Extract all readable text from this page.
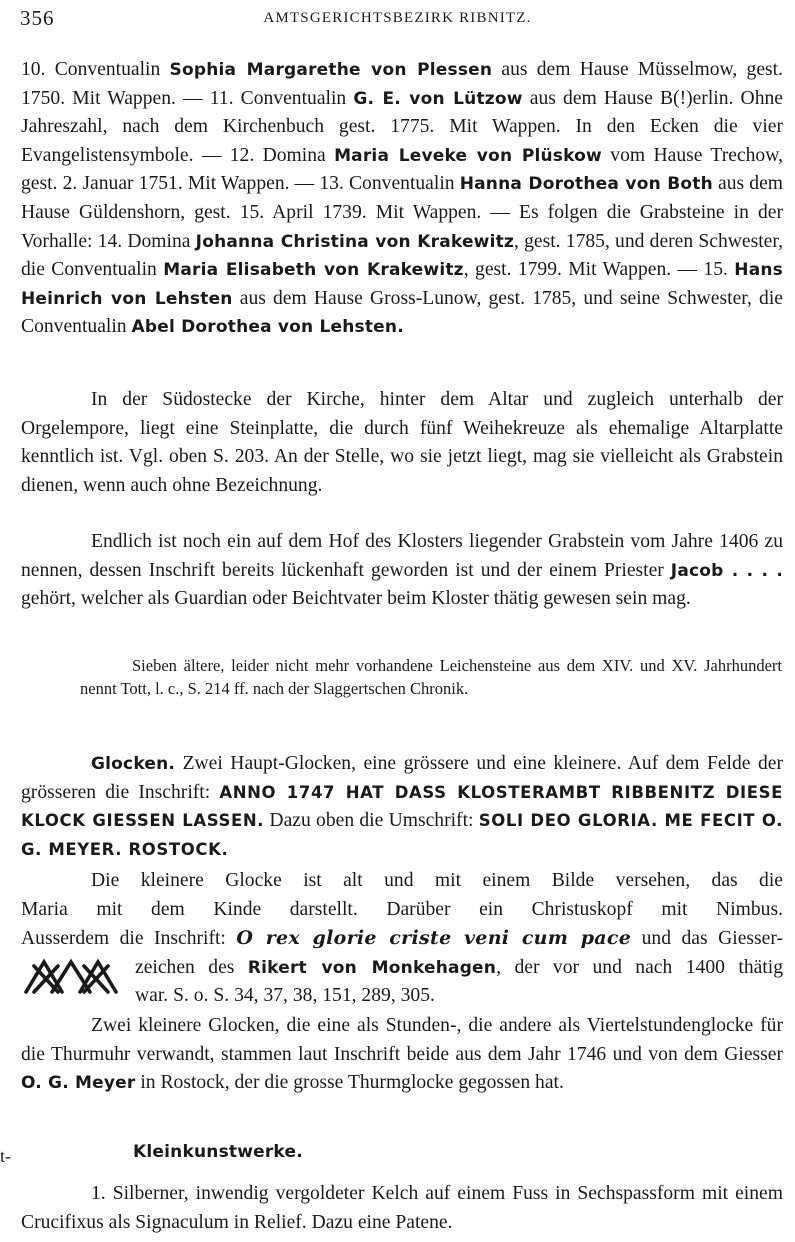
356	AMTSGERICHTSBEZIRK RIBNITZ.

10. Conventualin Sophia Margarethe von Plessen aus dem Hause Müsselmow, gest. 1750. Mit Wappen. — 11. Conventualin G. E. von Lützow aus dem Hause B(!)erlin. Ohne Jahreszahl, nach dem Kirchenbuch gest. 1775. Mit Wappen. In den Ecken die vier Evangelistensymbole. — 12. Domina Maria Leveke von Plüskow vom Hause Trechow, gest. 2. Januar 1751. Mit Wappen. — 13. Conventualin Hanna Dorothea von Both aus dem Hause Güldenshorn, gest. 15. April 1739. Mit Wappen. — Es folgen die Grabsteine in der Vorhalle: 14. Domina Johanna Christina von Krakewitz, gest. 1785, und deren Schwester, die Conventualin Maria Elisabeth von Krakewitz, gest. 1799. Mit Wappen. — 15. Hans Heinrich von Lehsten aus dem Hause Gross-Lunow, gest. 1785, und seine Schwester, die Conventualin Abel Dorothea von Lehsten.

In der Südostecke der Kirche, hinter dem Altar und zugleich unterhalb der Orgelempore, liegt eine Steinplatte, die durch fünf Weihekreuze als ehemalige Altarplatte kenntlich ist. Vgl. oben S. 203. An der Stelle, wo sie jetzt liegt, mag sie vielleicht als Grabstein dienen, wenn auch ohne Bezeichnung.

Endlich ist noch ein auf dem Hof des Klosters liegender Grabstein vom Jahre 1406 zu nennen, dessen Inschrift bereits lückenhaft geworden ist und der einem Priester Jacob . . . . gehört, welcher als Guardian oder Beichtvater beim Kloster thätig gewesen sein mag.

Sieben ältere, leider nicht mehr vorhandene Leichensteine aus dem XIV. und XV. Jahrhundert nennt Tott, l. c., S. 214 ff. nach der Slaggertschen Chronik.

Glocken. Zwei Haupt-Glocken, eine grössere und eine kleinere. Auf dem Felde der grösseren die Inschrift: ANNO 1747 HAT DASS KLOSTERAMBT RIBBENITZ DIESE KLOCK GIESSEN LASSEN. Dazu oben die Umschrift: SOLI DEO GLORIA. ME FECIT O. G. MEYER. ROSTOCK.

Die kleinere Glocke ist alt und mit einem Bilde versehen, das die
Maria mit dem Kinde darstellt. Darüber ein Christuskopf mit Nimbus.
Ausserdem die Inschrift: O rex glorie criste veni cum pace und das Giesser-
zeichen des Rikert von Monkehagen, der vor und nach 1400 thätig
war. S. o. S. 34, 37, 38, 151, 289, 305.

Zwei kleinere Glocken, die eine als Stunden-, die andere als Viertelstundenglocke für die Thurmuhr verwandt, stammen laut Inschrift beide aus dem Jahr 1746 und von dem Giesser O. G. Meyer in Rostock, der die grosse Thurmglocke gegossen hat.

t-	Kleinkunstwerke.

1. Silberner, inwendig vergoldeter Kelch auf einem Fuss in Sechspassform mit einem Crucifixus als Signaculum in Relief. Dazu eine Patene.
